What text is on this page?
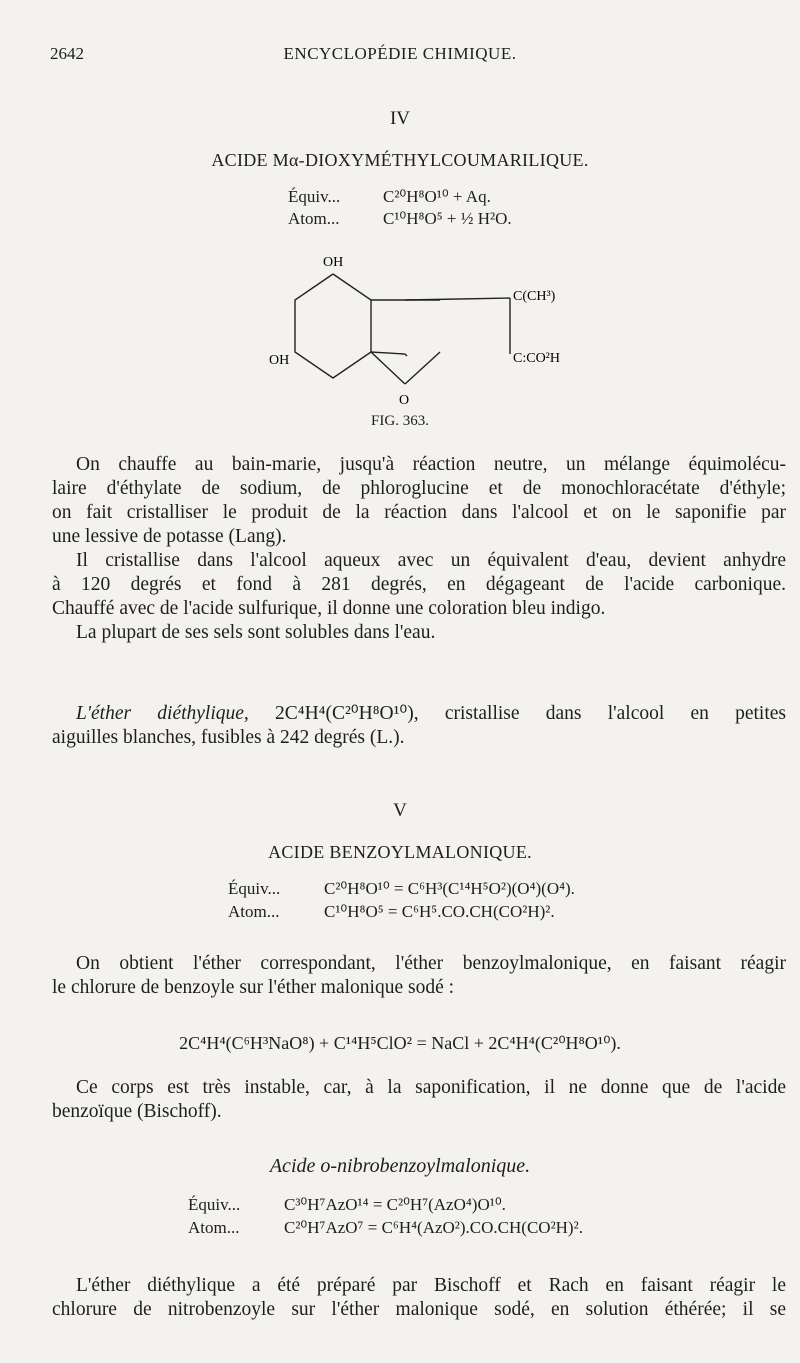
2642	ENCYCLOPÉDIE CHIMIQUE.
IV
ACIDE Mα-DIOXYMÉTHYLCOUMARILIQUE.
Équiv...	C²⁰H⁸O¹⁰ + Aq.
Atom...	C¹⁰H⁸O⁵ + ½ H²O.
OH
OH
C(CH³)
C:CO²H
O
FIG. 363.

On chauffe au bain-marie, jusqu'à réaction neutre, un mélange équimolécu-

laire d'éthylate de sodium, de phloroglucine et de monochloracétate d'éthyle;

on fait cristalliser le produit de la réaction dans l'alcool et on le saponifie par

une lessive de potasse (Lang).

Il cristallise dans l'alcool aqueux avec un équivalent d'eau, devient anhydre

à 120 degrés et fond à 281 degrés, en dégageant de l'acide carbonique.

Chauffé avec de l'acide sulfurique, il donne une coloration bleu indigo.

La plupart de ses sels sont solubles dans l'eau.

L'éther diéthylique, 2C⁴H⁴(C²⁰H⁸O¹⁰), cristallise dans l'alcool en petites

aiguilles blanches, fusibles à 242 degrés (L.).

V
ACIDE BENZOYLMALONIQUE.
Équiv...	C²⁰H⁸O¹⁰ = C⁶H³(C¹⁴H⁵O²)(O⁴)(O⁴).
Atom...	C¹⁰H⁸O⁵ = C⁶H⁵.CO.CH(CO²H)².

On obtient l'éther correspondant, l'éther benzoylmalonique, en faisant réagir

le chlorure de benzoyle sur l'éther malonique sodé :

2C⁴H⁴(C⁶H³NaO⁸) + C¹⁴H⁵ClO² = NaCl + 2C⁴H⁴(C²⁰H⁸O¹⁰).

Ce corps est très instable, car, à la saponification, il ne donne que de l'acide

benzoïque (Bischoff).

Acide o-nibrobenzoylmalonique.
Équiv...	C³⁰H⁷AzO¹⁴ = C²⁰H⁷(AzO⁴)O¹⁰.
Atom...	C²⁰H⁷AzO⁷ = C⁶H⁴(AzO²).CO.CH(CO²H)².

L'éther diéthylique a été préparé par Bischoff et Rach en faisant réagir le

chlorure de nitrobenzoyle sur l'éther malonique sodé, en solution éthérée; il se
